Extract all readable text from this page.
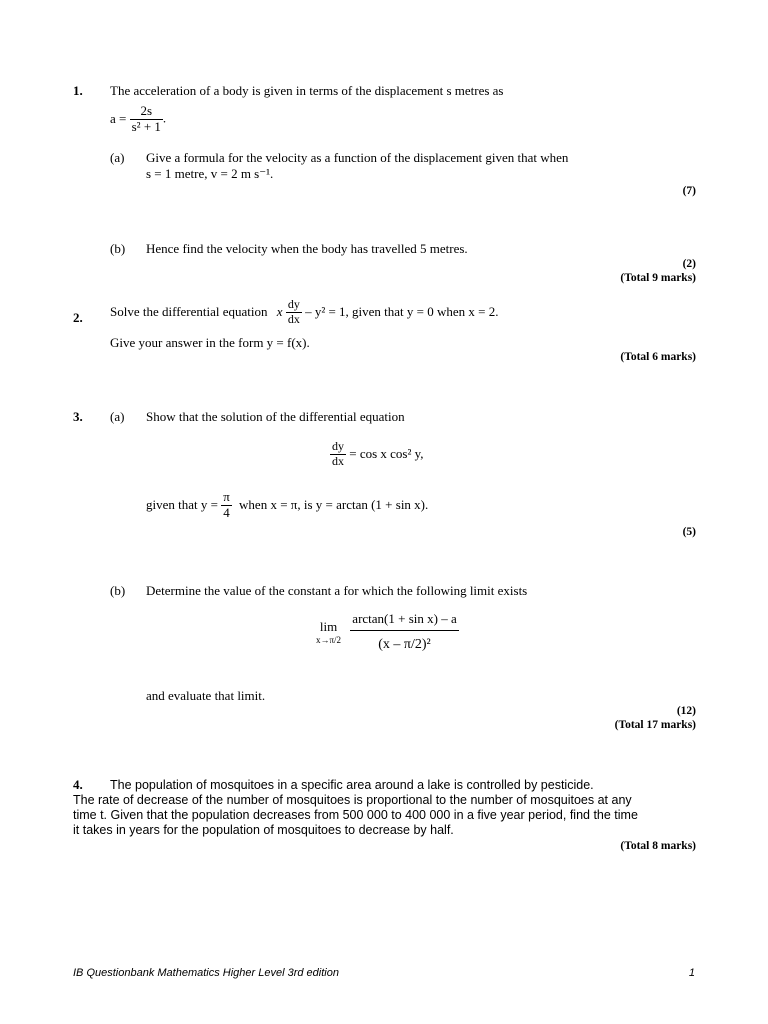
1. The acceleration of a body is given in terms of the displacement s metres as
$a = \frac{2s}{\text{s² + 1}}$ .
(a) Give a formula for the velocity as a function of the displacement given that when
s = 1 metre, v = 2 m s⁻¹.
(7)
(b) Hence find the velocity when the body has travelled 5 metres.
(2)
(Total 9 marks)
2. Solve the differential equation x $\frac{dy}{dx} - y^2 = 1$, given that y = 0 when x = 2.
Give your answer in the form y = f(x).
(Total 6 marks)
3. (a) Show that the solution of the differential equation
$\frac{dy}{dx} = \cos x$ cos² y,
given that $y = \frac{\pi}{4}$ when x = π, is y = arctan (1 + sin x).
(5)
(b) Determine the value of the constant a for which the following limit exists
lim
x→π/2
$\frac{\text{arctan(1 + sin x) – a}}{\text{(x – π/2)²}}$
and evaluate that limit.
(12)
(Total 17 marks)
4. The population of mosquitoes in a specific area around a lake is controlled by pesticide.
The rate of decrease of the number of mosquitoes is proportional to the number of mosquitoes at any
time t. Given that the population decreases from 500 000 to 400 000 in a five year period, find the time
it takes in years for the population of mosquitoes to decrease by half.
(Total 8 marks)
IB Questionbank Mathematics Higher Level 3rd edition	1
